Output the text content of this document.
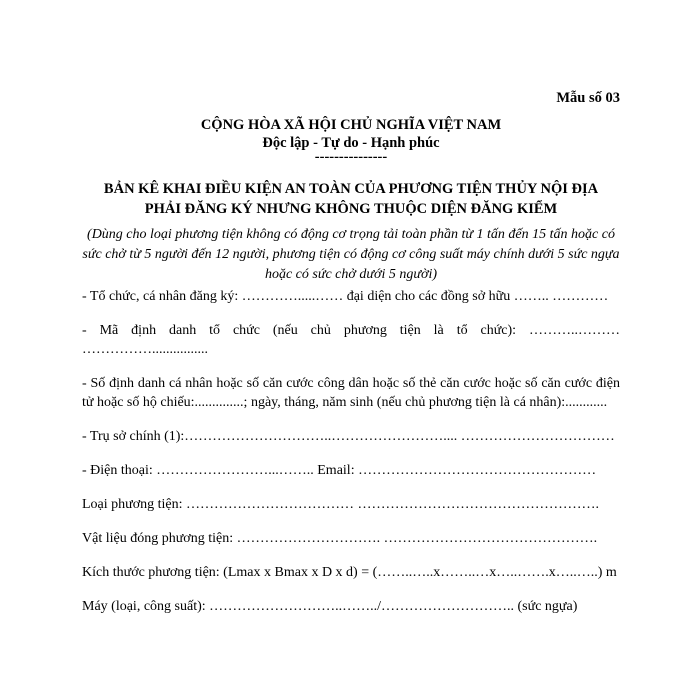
Mẫu số 03
CỘNG HÒA XÃ HỘI CHỦ NGHĨA VIỆT NAM
Độc lập - Tự do - Hạnh phúc
---------------
BẢN KÊ KHAI ĐIỀU KIỆN AN TOÀN CỦA PHƯƠNG TIỆN THỦY NỘI ĐỊA
PHẢI ĐĂNG KÝ NHƯNG KHÔNG THUỘC DIỆN ĐĂNG KIỂM
(Dùng cho loại phương tiện không có động cơ trọng tải toàn phần từ 1 tấn đến 15 tấn hoặc có sức chở từ 5 người đến 12 người, phương tiện có động cơ công suất máy chính dưới 5 sức ngựa hoặc có sức chở dưới 5 người)

- Tổ chức, cá nhân đăng ký: ………….....…… đại diện cho các đồng sở hữu …….. …………

- Mã định danh tổ chức (nếu chủ phương tiện là tổ chức): ………..……… ……………................

- Số định danh cá nhân hoặc số căn cước công dân hoặc số thẻ căn cước hoặc số căn cước điện tử hoặc số hộ chiếu:..............; ngày, tháng, năm sinh (nếu chủ phương tiện là cá nhân):............

- Trụ sở chính (1):…………………………..…………………….... ……………………………

- Điện thoại: ……………………...…….. Email: ……………………………………………

Loại phương tiện: ……………………………… …………………………………………….

Vật liệu đóng phương tiện: …………………………. ……………………………………….

Kích thước phương tiện: (Lmax x Bmax x D x d) = (……..…..x……..…x…..…….x…..…..) m

Máy (loại, công suất): ………………………..……../……………………….. (sức ngựa)
